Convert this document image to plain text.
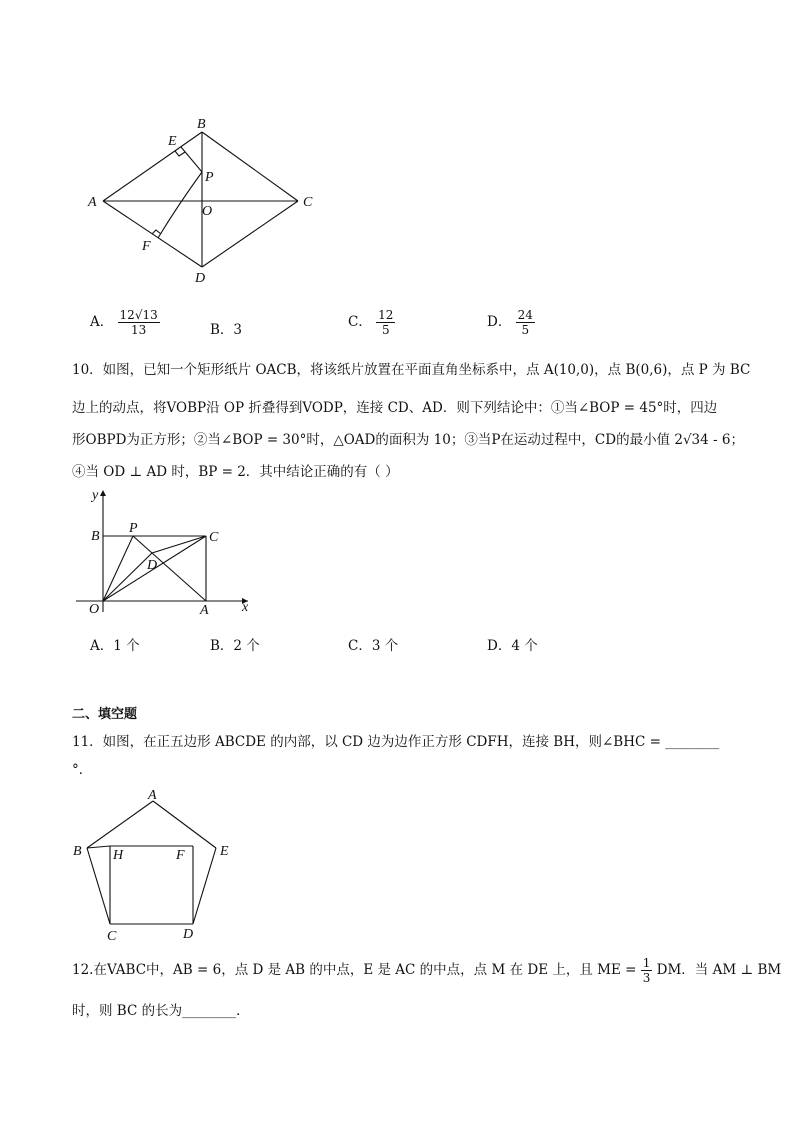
A
B
C
D
E
F
O
P
A． $\frac{12√13}{13}$	B．3	C． $\frac{12}{5}$	D． $\frac{24}{5}$
10．如图，已知一个矩形纸片 OACB，将该纸片放置在平面直角坐标系中，点 A(10,0)，点 B(0,6)，点 P 为 BC
边上的动点，将VOBP沿 OP 折叠得到VODP，连接 CD、AD．则下列结论中：①当∠BOP = 45°时，四边
形OBPD为正方形；②当∠BOP = 30°时，△OAD的面积为 10；③当P在运动过程中，CD的最小值 2√34 - 6；
④当 OD ⊥ AD 时，BP = 2．其中结论正确的有（ ）
y
x
B
P
C
D
O	A
A．1 个	B．2 个	C．3 个	D．4 个
二、填空题
11．如图，在正五边形 ABCDE 的内部，以 CD 边为边作正方形 CDFH，连接 BH，则∠BHC = ________
°．
A
B	E
H	F
C	D
12.在VABC中，AB = 6，点 D 是 AB 的中点，E 是 AC 的中点，点 M 在 DE 上，且 ME = $\frac{1}{3}$ DM．当 AM ⊥ BM
时，则 BC 的长为________．
